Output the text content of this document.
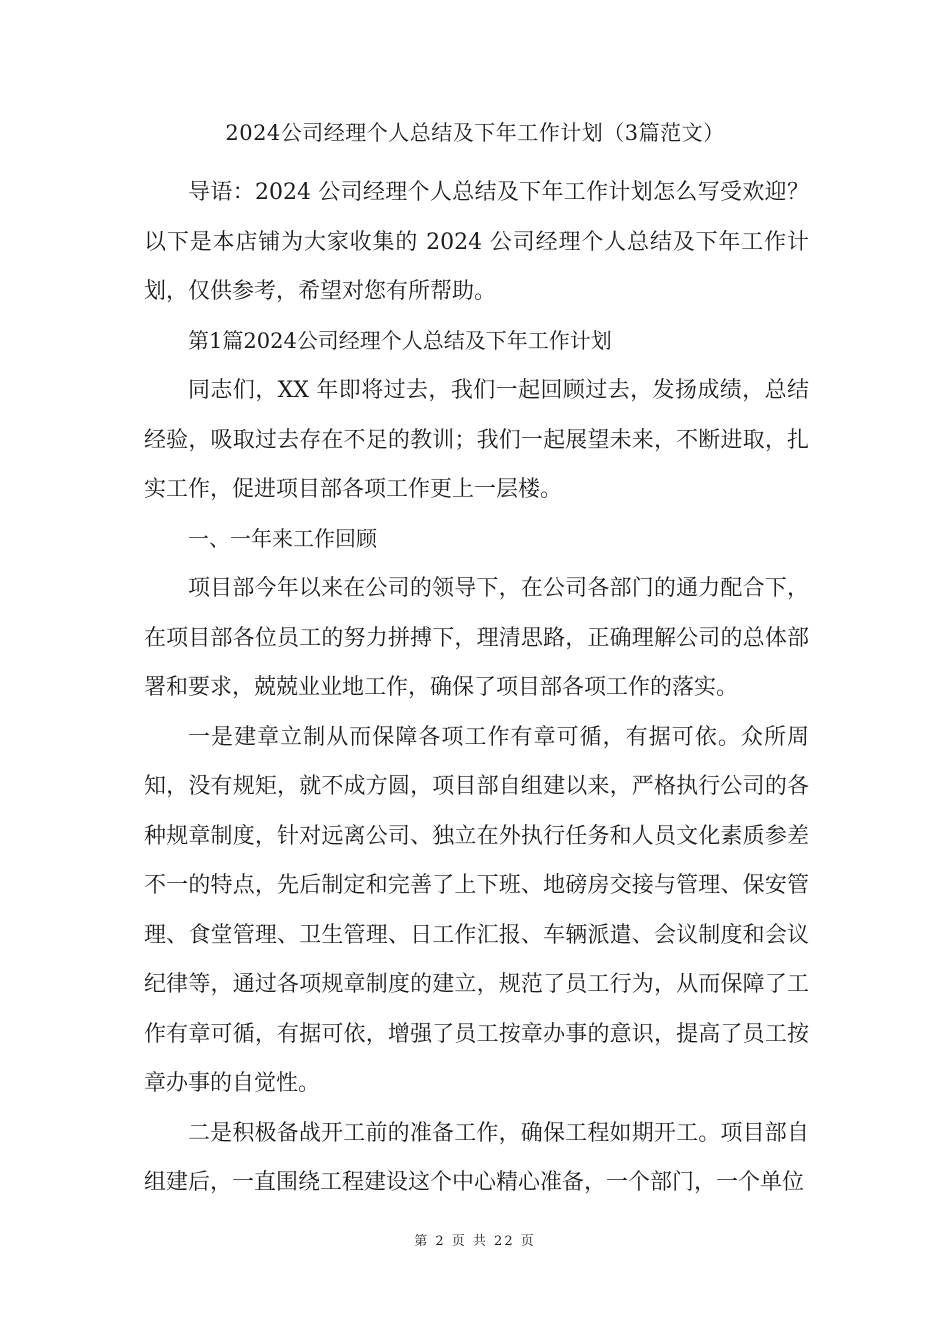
2024公司经理个人总结及下年工作计划（3篇范文）

导语：2024 公司经理个人总结及下年工作计划怎么写受欢迎？以下是本店铺为大家收集的 2024 公司经理个人总结及下年工作计划，仅供参考，希望对您有所帮助。

第1篇2024公司经理个人总结及下年工作计划

同志们，XX 年即将过去，我们一起回顾过去，发扬成绩，总结经验，吸取过去存在不足的教训；我们一起展望未来，不断进取，扎实工作，促进项目部各项工作更上一层楼。

一、一年来工作回顾

项目部今年以来在公司的领导下，在公司各部门的通力配合下，在项目部各位员工的努力拼搏下，理清思路，正确理解公司的总体部署和要求，兢兢业业地工作，确保了项目部各项工作的落实。

一是建章立制从而保障各项工作有章可循，有据可依。众所周知，没有规矩，就不成方圆，项目部自组建以来，严格执行公司的各种规章制度，针对远离公司、独立在外执行任务和人员文化素质参差不一的特点，先后制定和完善了上下班、地磅房交接与管理、保安管理、食堂管理、卫生管理、日工作汇报、车辆派遣、会议制度和会议纪律等，通过各项规章制度的建立，规范了员工行为，从而保障了工作有章可循，有据可依，增强了员工按章办事的意识，提高了员工按章办事的自觉性。

二是积极备战开工前的准备工作，确保工程如期开工。项目部自组建后，一直围绕工程建设这个中心精心准备，一个部门，一个单位

第 2 页 共 22 页
